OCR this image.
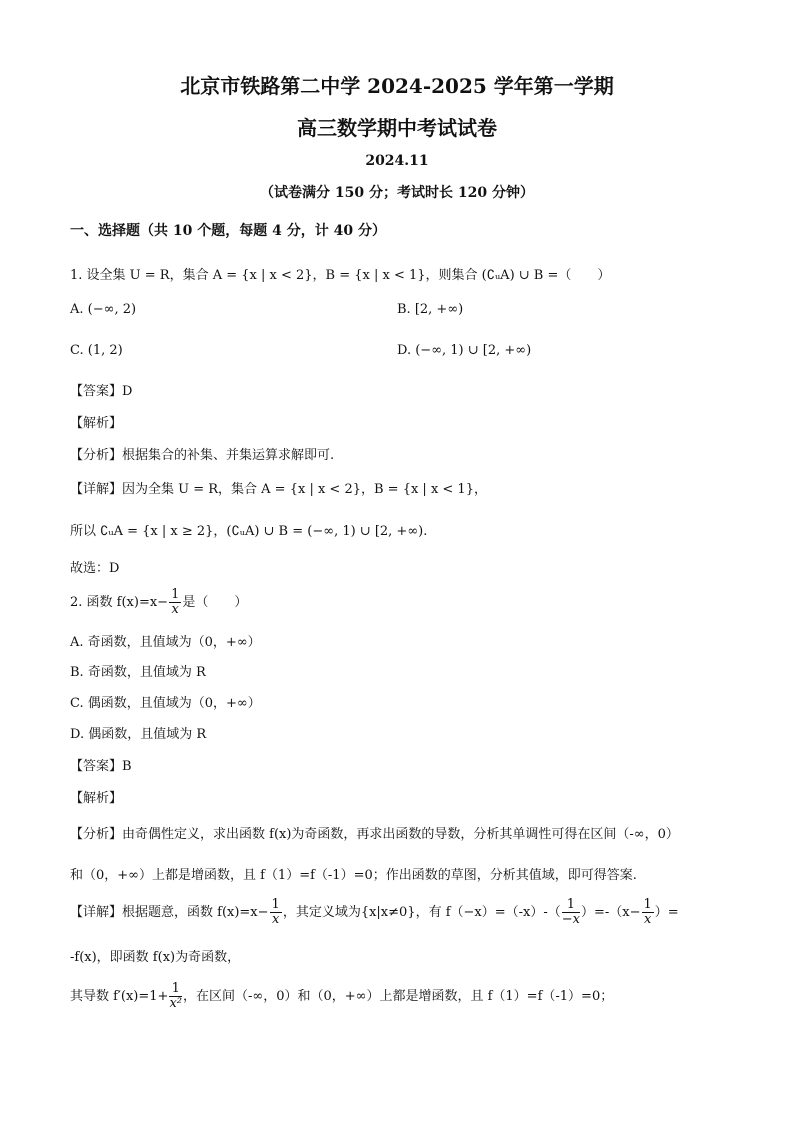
北京市铁路第二中学 2024-2025 学年第一学期
高三数学期中考试试卷
2024.11
（试卷满分 150 分；考试时长 120 分钟）
一、选择题（共 10 个题，每题 4 分，计 40 分）
1. 设全集 U = R，集合 A = {x | x < 2}，B = {x | x < 1}，则集合 (∁ᵤA) ∪ B =（　　）
A. (−∞, 2)	B. [2, +∞)
C. (1, 2)	D. (−∞, 1) ∪ [2, +∞)
【答案】D
【解析】
【分析】根据集合的补集、并集运算求解即可.
【详解】因为全集 U = R，集合 A = {x | x < 2}，B = {x | x < 1}，
所以 ∁ᵤA = {x | x ≥ 2}，(∁ᵤA) ∪ B = (−∞, 1) ∪ [2, +∞).
故选：D
2. 函数 $f(x)=x- \frac{1}{x}$ 是（　　）
A. 奇函数，且值域为（0，+∞）
B. 奇函数，且值域为 R
C. 偶函数，且值域为（0，+∞）
D. 偶函数，且值域为 R
【答案】B
【解析】
【分析】由奇偶性定义，求出函数 f(x)为奇函数，再求出函数的导数，分析其单调性可得在区间（-∞，0）
和（0，+∞）上都是增函数，且 f（1）=f（-1）=0；作出函数的草图，分析其值域，即可得答案.
【详解】根据题意，函数 $f(x)=x- \frac{1}{x}$ ，其定义域为{x|x≠0}，有 $f(-x)=(-x)-( \frac{1}{-x} )=-(x- \frac{1}{x}$ ）=
-f(x)，即函数 f(x)为奇函数，
其导数 $f'(x)=1+ \frac{1}{\text{x²}}$ ，在区间（-∞，0）和（0，+∞）上都是增函数，且 f（1）=f（-1）=0；
